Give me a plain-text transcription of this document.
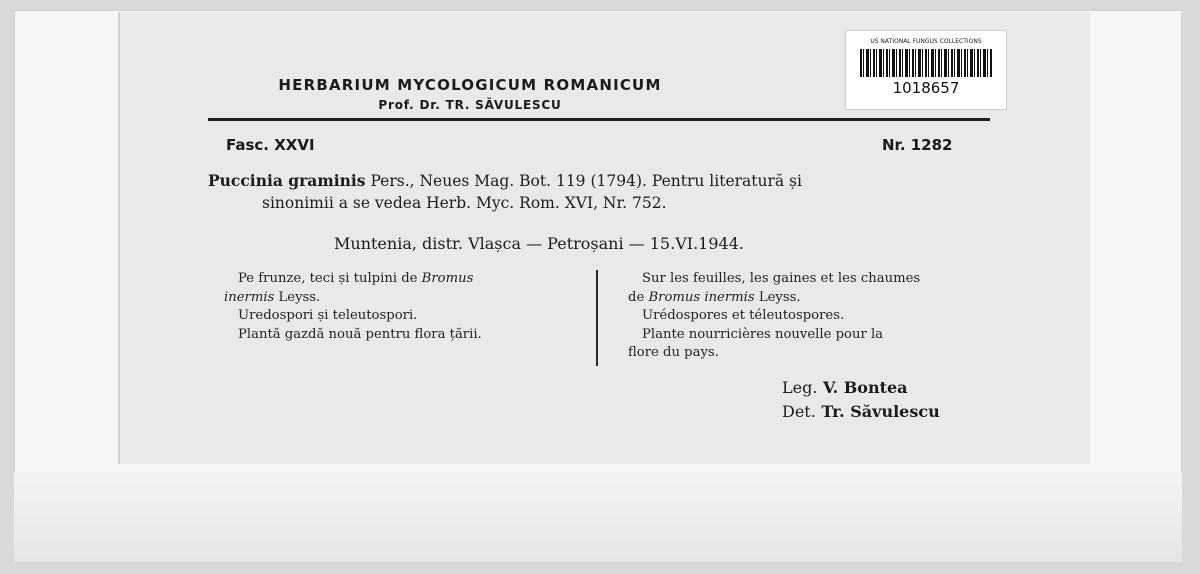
HERBARIUM MYCOLOGICUM ROMANICUM
Prof. Dr. TR. SĂVULESCU
Fasc. XXVI	Nr. 1282
Puccinia graminis Pers., Neues Mag. Bot. 119 (1794). Pentru literatură și
sinonimii a se vedea Herb. Myc. Rom. XVI, Nr. 752.
Muntenia, distr. Vlașca — Petroșani — 15.VI.1944.
Pe frunze, teci și tulpini de Bromus
inermis Leyss.
Uredospori și teleutospori.
Plantă gazdă nouă pentru flora țării.
Sur les feuilles, les gaines et les chaumes
de Bromus inermis Leyss.
Urédospores et téleutospores.
Plante nourricières nouvelle pour la
flore du pays.
Leg. V. Bontea
Det. Tr. Săvulescu
US NATIONAL FUNGUS COLLECTIONS
1018657
